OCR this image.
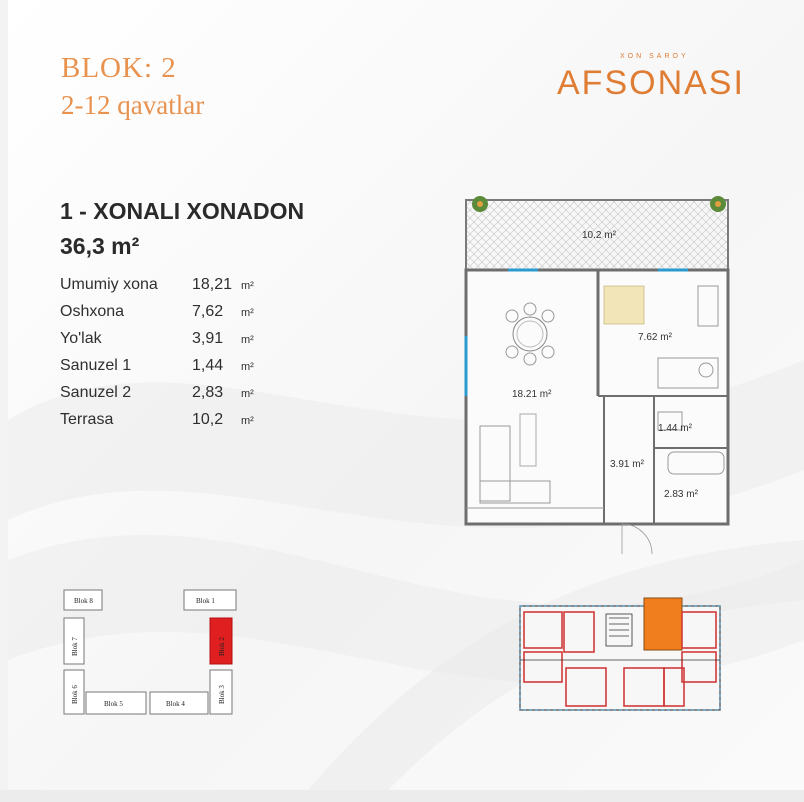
BLOK: 2
2-12 qavatlar
XON SAROY
AFSONASI
1 - XONALI XONADON
36,3 m²
Umumiy xona 18,21 m²
Oshxona	7,62 m²
Yo'lak	3,91 m²
Sanuzel 1	1,44 m²
Sanuzel 2	2,83 m²
Terrasa	10,2 m²
10.2 m²
7.62 m²
18.21 m²
1.44 m²
3.91 m²
2.83 m²
Blok 8	Blok 1
Blok 7	Blok 2
Blok 6	Blok 3
Blok 5	Blok 4
